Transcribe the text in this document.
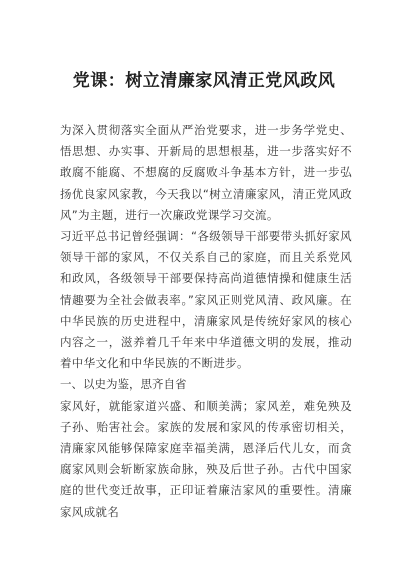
党课：树立清廉家风清正党风政风

为深入贯彻落实全面从严治党要求，进一步务学党史、悟思想、办实事、开新局的思想根基，进一步落实好不敢腐不能腐、不想腐的反腐败斗争基本方针，进一步弘扬优良家风家教，今天我以“树立清廉家风，清正党风政风”为主题，进行一次廉政党课学习交流。

习近平总书记曾经强调：“各级领导干部要带头抓好家风领导干部的家风，不仅关系自己的家庭，而且关系党风和政风，各级领导干部要保持高尚道德情操和健康生活情趣要为全社会做表率。”家风正则党风清、政风廉。在中华民族的历史进程中，清廉家风是传统好家风的核心内容之一，滋养着几千年来中华道德文明的发展，推动着中华文化和中华民族的不断进步。

一、以史为鉴，思齐自省

家风好，就能家道兴盛、和顺美满；家风差，难免殃及子孙、贻害社会。家族的发展和家风的传承密切相关，清廉家风能够保障家庭幸福美满，恩泽后代儿女，而贪腐家风则会斩断家族命脉，殃及后世子孙。古代中国家庭的世代变迁故事，正印证着廉洁家风的重要性。清廉家风成就名
